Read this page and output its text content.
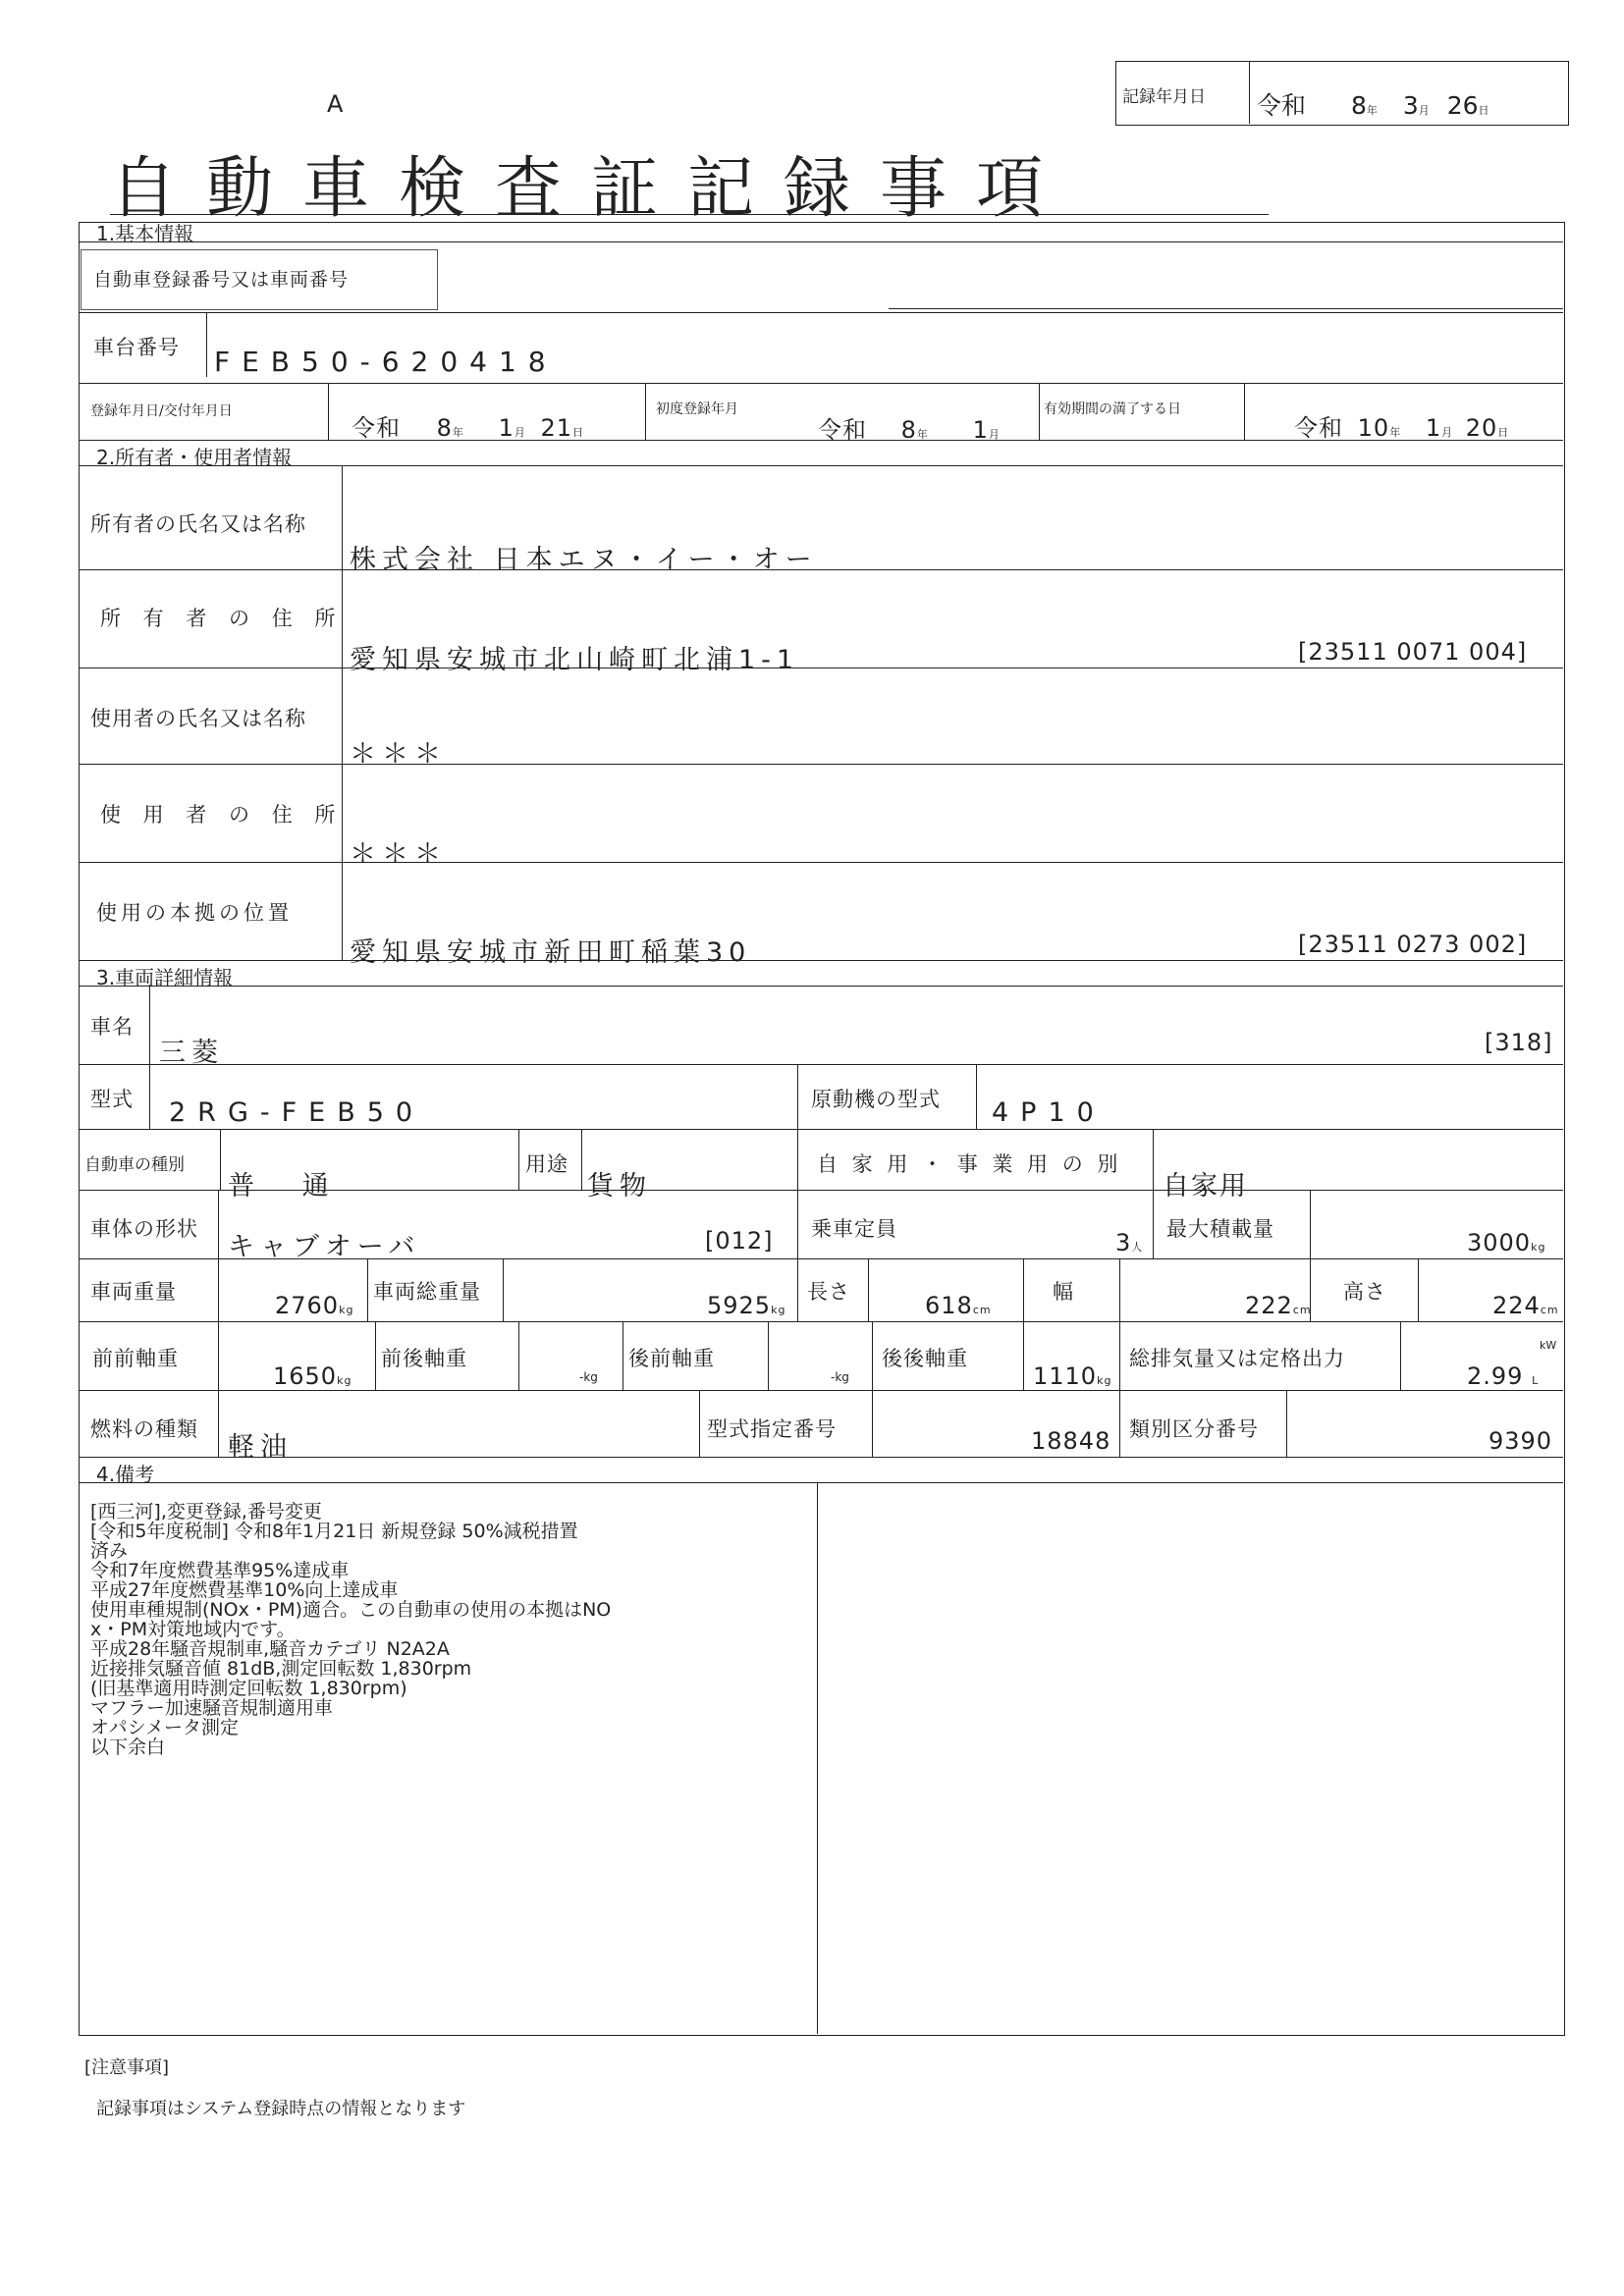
A
自動車検査証記録事項
記録年月日 令和 8年 3月 26日
1.基本情報
自動車登録番号又は車両番号
車台番号 FEB50-620418
登録年月日/交付年月日
令和 8年 1月 21日
初度登録年月
令和 8年 1月
有効期間の満了する日
令和 10年 1月 20日
2.所有者・使用者情報
所有者の氏名又は名称
株式会社 日本エヌ・イー・オー
所 有 者 の 住 所
愛知県安城市北山崎町北浦1-1	[23511 0071 004]
使用者の氏名又は名称
＊＊＊
使 用 者 の 住 所
＊＊＊
使用の本拠の位置
愛知県安城市新田町稲葉30	[23511 0273 002]
3.車両詳細情報
車名
三菱	[318]
型式 2RG-FEB50	原動機の型式 4P10
自動車の種別
普 通
用途
貨物
自 家 用 ・ 事 業 用 の 別
自家用
車体の形状
キャブオーバ	[012] 乗車定員	3人
最大積載量	3000kg
車両重量	2760kg
車両総重量	5925kg
長さ	618cm
幅	222cm
高さ	224cm
前前軸重
1650kg
前後軸重
-kg
後前軸重
-kg
後後軸重
1110kg
総排気量又は定格出力
kW
2.99 L
燃料の種類
軽油
型式指定番号	18848 類別区分番号	9390
4.備考
[西三河],変更登録,番号変更
[令和5年度税制] 令和8年1月21日 新規登録 50%減税措置
済み
令和7年度燃費基準95%達成車
平成27年度燃費基準10%向上達成車
使用車種規制(NOx・PM)適合。この自動車の使用の本拠はNO
x・PM対策地域内です。
平成28年騒音規制車,騒音カテゴリ N2A2A
近接排気騒音値 81dB,測定回転数 1,830rpm
(旧基準適用時測定回転数 1,830rpm)
マフラー加速騒音規制適用車
オパシメータ測定
以下余白
[注意事項]
記録事項はシステム登録時点の情報となります
